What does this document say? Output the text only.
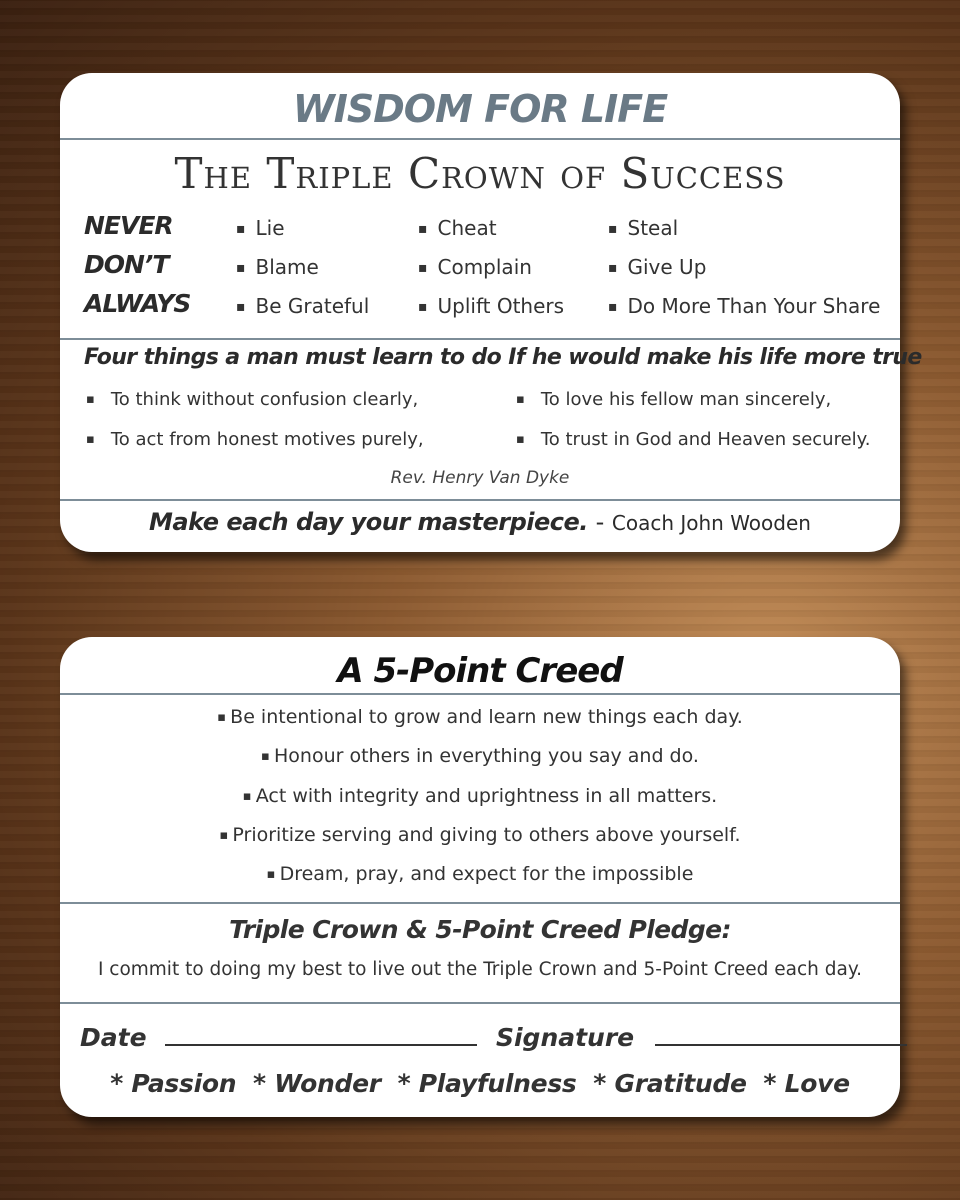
WISDOM FOR LIFE
The Triple Crown of Success
NEVER	▪ Lie	▪ Cheat	▪ Steal
DON’T	▪ Blame	▪ Complain	▪ Give Up
ALWAYS	▪ Be Grateful	▪ Uplift Others	▪ Do More Than Your Share
Four things a man must learn to do If he would make his life more true
▪ To think without confusion clearly,	▪ To love his fellow man sincerely,
▪ To act from honest motives purely,	▪ To trust in God and Heaven securely.
Rev. Henry Van Dyke
Make each day your masterpiece. - Coach John Wooden
A 5-Point Creed
▪ Be intentional to grow and learn new things each day.
▪ Honour others in everything you say and do.
▪ Act with integrity and uprightness in all matters.
▪ Prioritize serving and giving to others above yourself.
▪ Dream, pray, and expect for the impossible
Triple Crown & 5-Point Creed Pledge:
I commit to doing my best to live out the Triple Crown and 5-Point Creed each day.
Date	Signature
* Passion  * Wonder  * Playfulness  * Gratitude  * Love
